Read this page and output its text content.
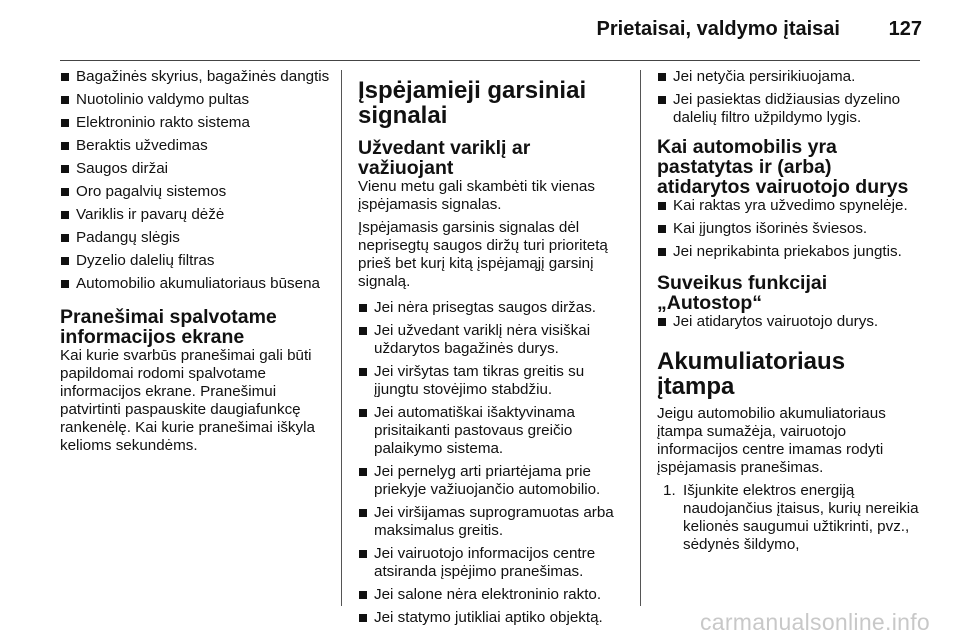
Prietaisai, valdymo įtaisai 127
Bagažinės skyrius, bagažinės dangtis
Nuotolinio valdymo pultas
Elektroninio rakto sistema
Beraktis užvedimas
Saugos diržai
Oro pagalvių sistemos
Variklis ir pavarų dėžė
Padangų slėgis
Dyzelio dalelių filtras
Automobilio akumuliatoriaus būsena
Pranešimai spalvotame informacijos ekrane

Kai kurie svarbūs pranešimai gali būti papildomai rodomi spalvotame informacijos ekrane. Pranešimui patvirtinti paspauskite daugiafunkcę rankenėlę. Kai kurie pranešimai iškyla kelioms sekundėms.

Įspėjamieji garsiniai signalai
Užvedant variklį ar važiuojant

Vienu metu gali skambėti tik vienas įspėjamasis signalas.

Įspėjamasis garsinis signalas dėl neprisegtų saugos diržų turi prioritetą prieš bet kurį kitą įspėjamąjį garsinį signalą.

Jei nėra prisegtas saugos diržas.
Jei užvedant variklį nėra visiškai uždarytos bagažinės durys.
Jei viršytas tam tikras greitis su įjungtu stovėjimo stabdžiu.
Jei automatiškai išaktyvinama prisitaikanti pastovaus greičio palaikymo sistema.
Jei pernelyg arti priartėjama prie priekyje važiuojančio automobilio.
Jei viršijamas suprogramuotas arba maksimalus greitis.
Jei vairuotojo informacijos centre atsiranda įspėjimo pranešimas.
Jei salone nėra elektroninio rakto.
Jei statymo jutikliai aptiko objektą.
Jei netyčia persirikiuojama.
Jei pasiektas didžiausias dyzelino dalelių filtro užpildymo lygis.
Kai automobilis yra pastatytas ir (arba) atidarytos vairuotojo durys
Kai raktas yra užvedimo spynelėje.
Kai įjungtos išorinės šviesos.
Jei neprikabinta priekabos jungtis.
Suveikus funkcijai „Autostop“
Jei atidarytos vairuotojo durys.
Akumuliatoriaus įtampa

Jeigu automobilio akumuliatoriaus įtampa sumažėja, vairuotojo informacijos centre imamas rodyti įspėjamasis pranešimas.

1. Išjunkite elektros energiją naudojančius įtaisus, kurių nereikia kelionės saugumui užtikrinti, pvz., sėdynės šildymo,
carmanualsonline.info
